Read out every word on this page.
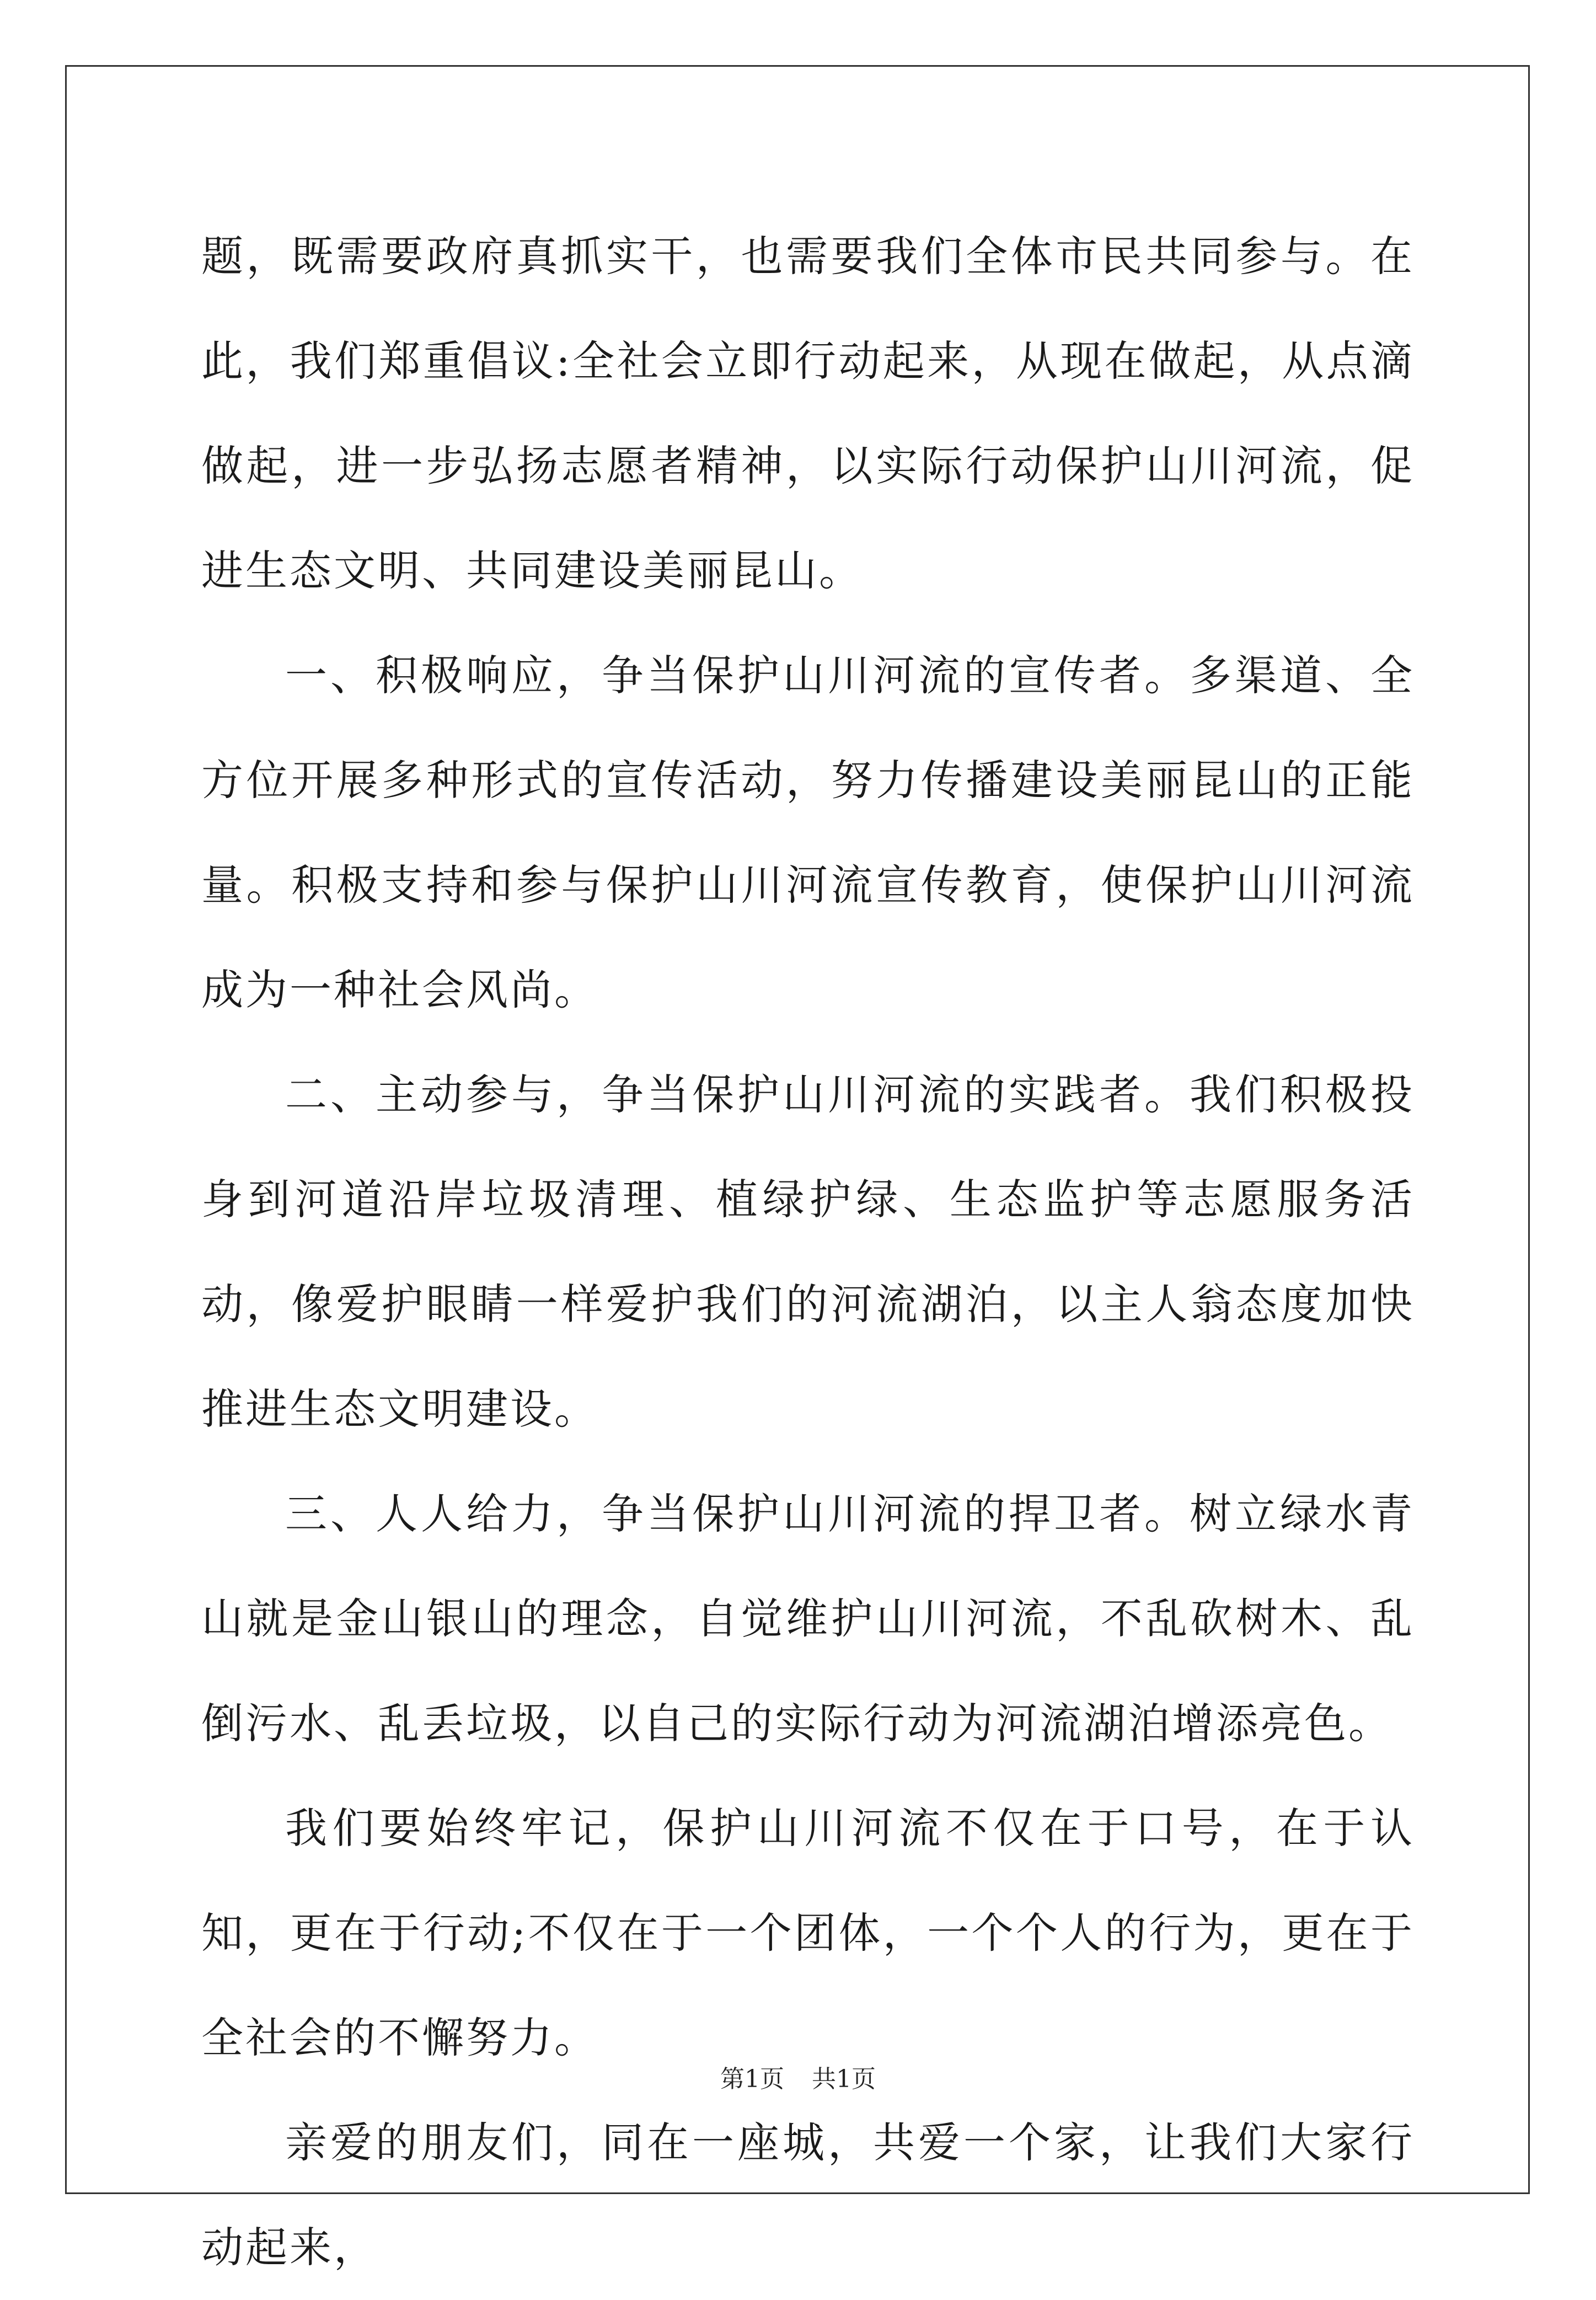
题，既需要政府真抓实干，也需要我们全体市民共同参与。在此，我们郑重倡议:全社会立即行动起来，从现在做起，从点滴做起，进一步弘扬志愿者精神，以实际行动保护山川河流，促进生态文明、共同建设美丽昆山。

一、积极响应，争当保护山川河流的宣传者。多渠道、全方位开展多种形式的宣传活动，努力传播建设美丽昆山的正能量。积极支持和参与保护山川河流宣传教育，使保护山川河流成为一种社会风尚。

二、主动参与，争当保护山川河流的实践者。我们积极投身到河道沿岸垃圾清理、植绿护绿、生态监护等志愿服务活动，像爱护眼睛一样爱护我们的河流湖泊，以主人翁态度加快推进生态文明建设。

三、人人给力，争当保护山川河流的捍卫者。树立绿水青山就是金山银山的理念，自觉维护山川河流，不乱砍树木、乱倒污水、乱丢垃圾，以自己的实际行动为河流湖泊增添亮色。

我们要始终牢记，保护山川河流不仅在于口号，在于认知，更在于行动;不仅在于一个团体，一个个人的行为，更在于全社会的不懈努力。

亲爱的朋友们，同在一座城，共爱一个家，让我们大家行动起来，

第1页 共1页
